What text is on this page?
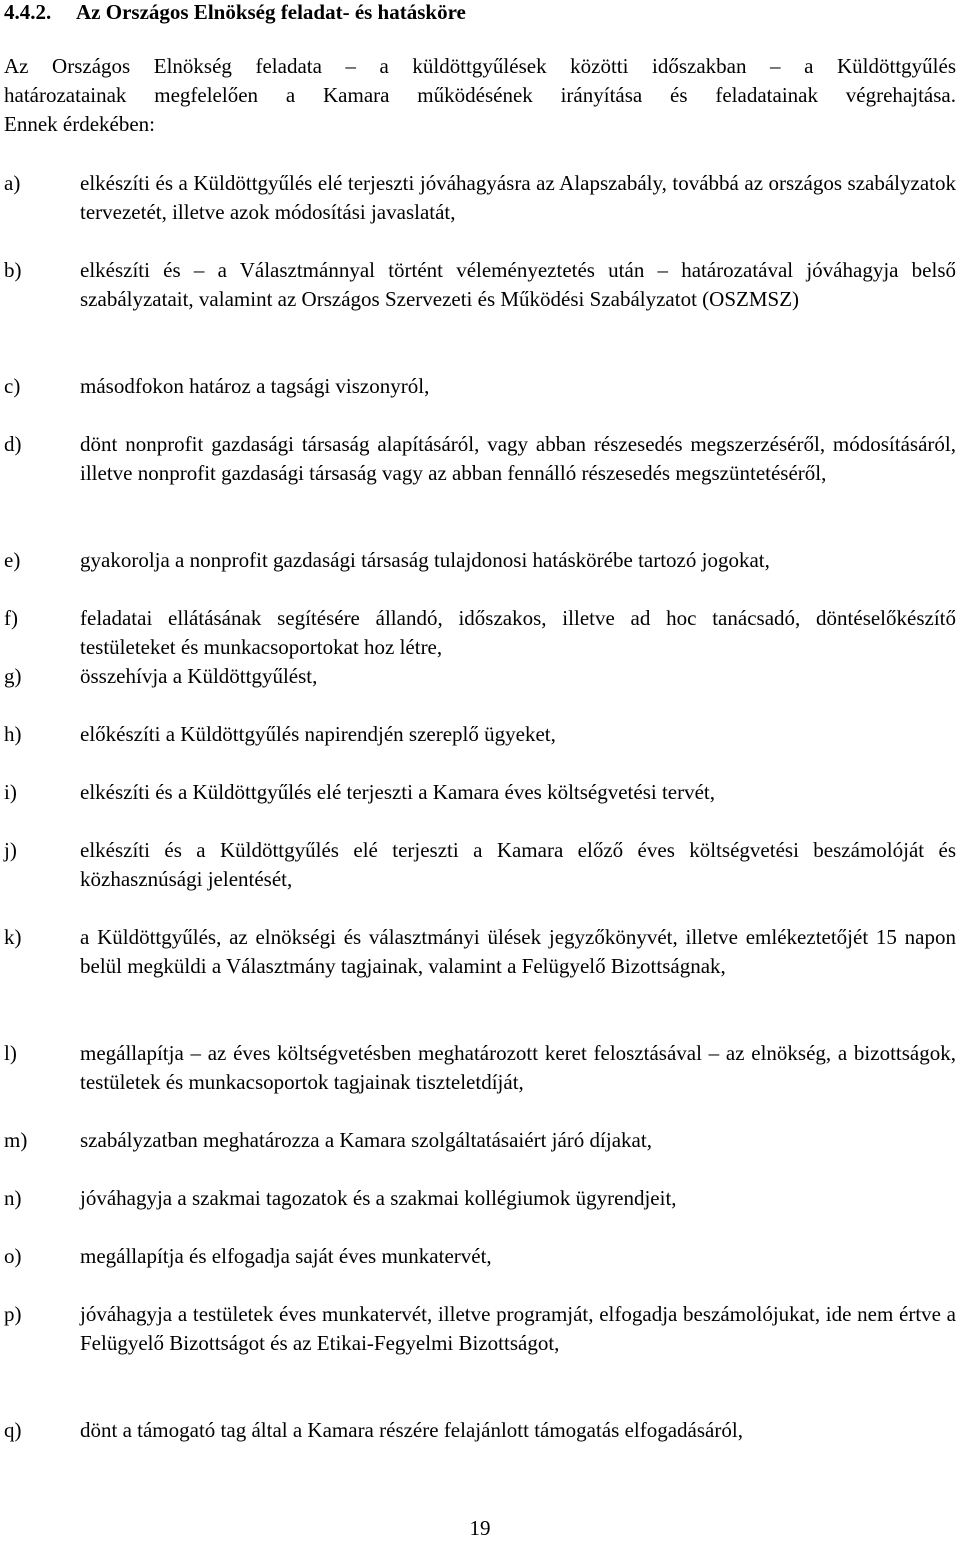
4.4.2. Az Országos Elnökség feladat- és hatásköre

Az Országos Elnökség feladata – a küldöttgyűlések közötti időszakban – a Küldöttgyűlés
határozatainak megfelelően a Kamara működésének irányítása és feladatainak végrehajtása.
Ennek érdekében:

a)	elkészíti és a Küldöttgyűlés elé terjeszti jóváhagyásra az Alapszabály, továbbá az országos szabályzatok tervezetét, illetve azok módosítási javaslatát,
b)	elkészíti és – a Választmánnyal történt véleményeztetés után – határozatával jóváhagyja belső szabályzatait, valamint az Országos Szervezeti és Működési Szabályzatot (OSZMSZ)
c)	másodfokon határoz a tagsági viszonyról,
d)	dönt nonprofit gazdasági társaság alapításáról, vagy abban részesedés megszerzéséről, módosításáról, illetve nonprofit gazdasági társaság vagy az abban fennálló részesedés megszüntetéséről,
e)	gyakorolja a nonprofit gazdasági társaság tulajdonosi hatáskörébe tartozó jogokat,
f)	feladatai ellátásának segítésére állandó, időszakos, illetve ad hoc tanácsadó, döntéselőkészítő testületeket és munkacsoportokat hoz létre,
g)	összehívja a Küldöttgyűlést,
h)	előkészíti a Küldöttgyűlés napirendjén szereplő ügyeket,
i)	elkészíti és a Küldöttgyűlés elé terjeszti a Kamara éves költségvetési tervét,
j)	elkészíti és a Küldöttgyűlés elé terjeszti a Kamara előző éves költségvetési beszámolóját és közhasznúsági jelentését,
k)	a Küldöttgyűlés, az elnökségi és választmányi ülések jegyzőkönyvét, illetve emlékeztetőjét 15 napon belül megküldi a Választmány tagjainak, valamint a Felügyelő Bizottságnak,
l)	megállapítja – az éves költségvetésben meghatározott keret felosztásával – az elnökség, a bizottságok, testületek és munkacsoportok tagjainak tiszteletdíját,
m)	szabályzatban meghatározza a Kamara szolgáltatásaiért járó díjakat,
n)	jóváhagyja a szakmai tagozatok és a szakmai kollégiumok ügyrendjeit,
o)	megállapítja és elfogadja saját éves munkatervét,
p)	jóváhagyja a testületek éves munkatervét, illetve programját, elfogadja beszámolójukat, ide nem értve a Felügyelő Bizottságot és az Etikai-Fegyelmi Bizottságot,
q)	dönt a támogató tag által a Kamara részére felajánlott támogatás elfogadásáról,
19
